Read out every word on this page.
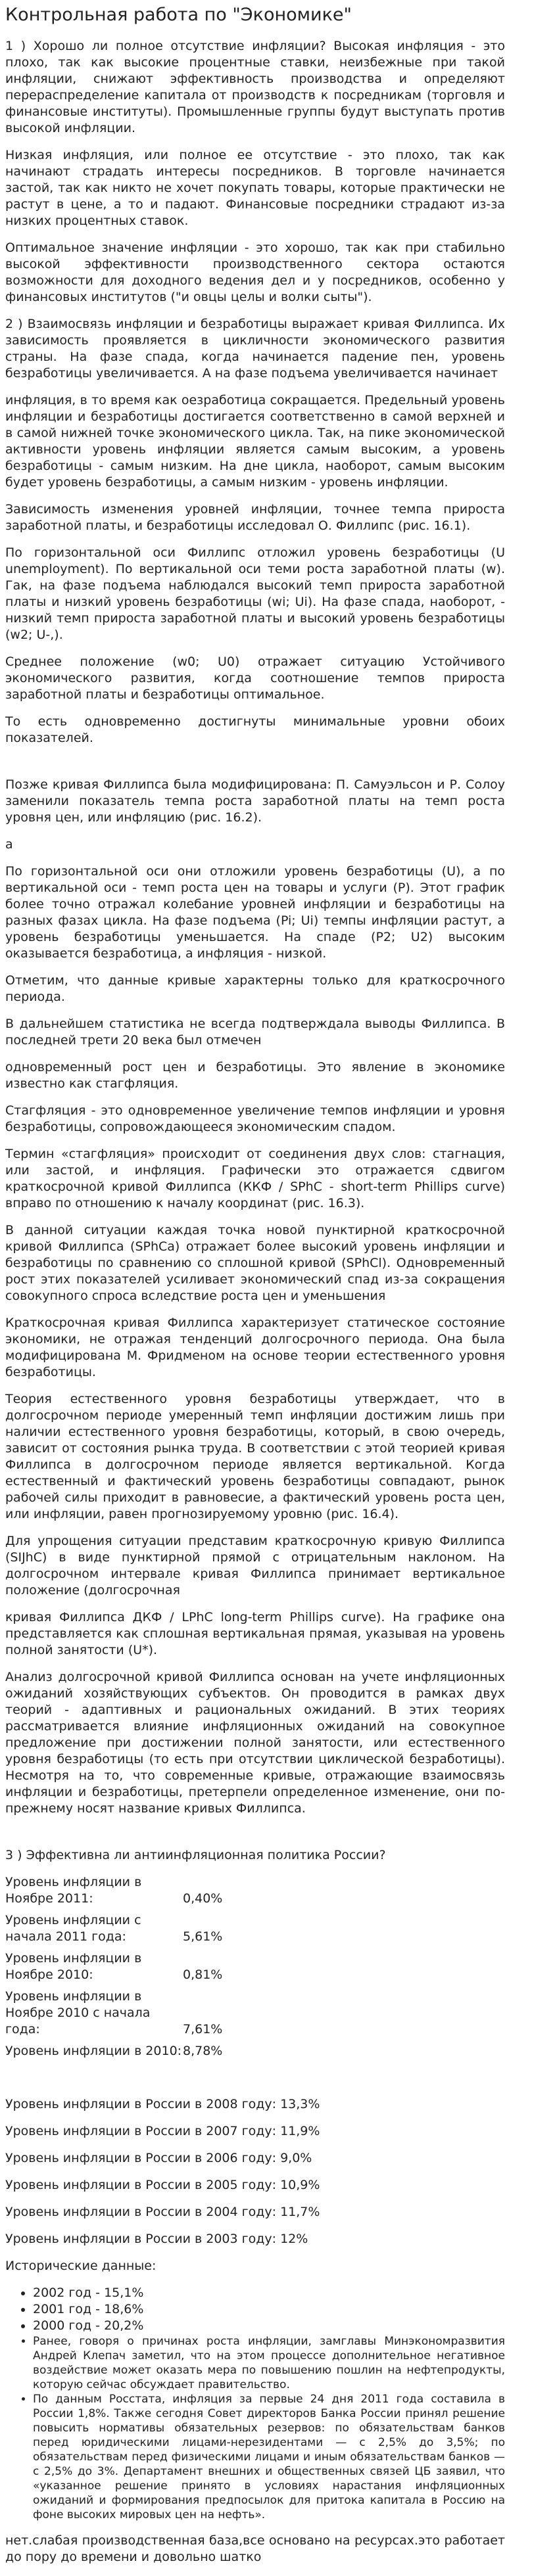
Контрольная работа по "Экономике"
1 ) Хорошо ли полное отсутствие инфляции? Высокая инфляция - это плохо, так как высокие процентные ставки, неизбежные при такой инфляции, снижают эффективность производства и определяют перераспределение капитала от производств к посредникам (торговля и финансовые институты). Промышленные группы будут выступать против высокой инфляции.
Низкая инфляция, или полное ее отсутствие - это плохо, так как начинают страдать интересы посредников. В торговле начинается застой, так как никто не хочет покупать товары, которые практически не растут в цене, а то и падают. Финансовые посредники страдают из-за низких процентных ставок.
Оптимальное значение инфляции - это хорошо, так как при стабильно высокой эффективности производственного сектора остаются возможности для доходного ведения дел и у посредников, особенно у финансовых институтов ("и овцы целы и волки сыты").
2 ) Взаимосвязь инфляции и безработицы выражает кривая Филлипса. Их зависимость проявляется в цикличности экономического развития страны. На фазе спада, когда начинается падение пен, уровень безработицы увеличивается. А на фазе подъема увеличивается начинает
инфляция, в то время как оезработица сокращается. Предельный уровень инфляции и безработицы достигается соответственно в самой верхней и в самой нижней точке экономического цикла. Так, на пике экономической активности уровень инфляции является самым высоким, а уровень безработицы - самым низким. На дне цикла, наоборот, самым высоким будет уровень безработицы, а самым низким - уровень инфляции.
Зависимость изменения уровней инфляции, точнее темпа прироста заработной платы, и безработицы исследовал О. Филлипс (рис. 16.1).
По горизонтальной оси Филлипс отложил уровень безработицы (U unemployment). По вертикальной оси теми роста заработной платы (w). Гак, на фазе подъема наблюдался высокий темп прироста заработной платы и низкий уровень безработицы (wi; Ui). На фазе спада, наоборот, - низкий темп прироста заработной платы и высокий уровень безработицы (w2; U-,).
Среднее положение (w0; U0) отражает ситуацию Устойчивого экономического развития, когда соотношение темпов прироста заработной платы и безработицы оптимальное.
То есть одновременно достигнуты минимальные уровни обоих показателей.
Позже кривая Филлипса была модифицирована: П. Самуэльсон и Р. Солоу заменили показатель темпа роста заработной платы на темп роста уровня цен, или инфляцию (рис. 16.2).
а
По горизонтальной оси они отложили уровень безработицы (U), а по вертикальной оси - темп роста цен на товары и услуги (Р). Этот график более точно отражал колебание уровней инфляции и безработицы на разных фазах цикла. На фазе подъема (Pi; Ui) темпы инфляции растут, а уровень безработицы уменьшается. На спаде (P2; U2) высоким оказывается безработица, а инфляция - низкой.
Отметим, что данные кривые характерны только для краткосрочного периода.
В дальнейшем статистика не всегда подтверждала выводы Филлипса. В последней трети 20 века был отмечен
одновременный рост цен и безработицы. Это явление в экономике известно как стагфляция.
Стагфляция - это одновременное увеличение темпов инфляции и уровня безработицы, сопровождающееся экономическим спадом.
Термин «стагфляция» происходит от соединения двух слов: стагнация, или застой, и инфляция. Графически это отражается сдвигом краткосрочной кривой Филлипса (ККФ / SPhC - short-term Phillips curve) вправо по отношению к началу координат (рис. 16.3).
В данной ситуации каждая точка новой пунктирной краткосрочной кривой Филлипса (SPhCa) отражает более высокий уровень инфляции и безработицы по сравнению со сплошной кривой (SPhCl). Одновременный рост этих показателей усиливает экономический спад из-за сокращения совокупного спроса вследствие роста цен и уменьшения
Краткосрочная кривая Филлипса характеризует статическое состояние экономики, не отражая тенденций долгосрочного периода. Она была модифицирована М. Фридменом на основе теории естественного уровня безработицы.
Теория естественного уровня безработицы утверждает, что в долгосрочном периоде умеренный темп инфляции достижим лишь при наличии естественного уровня безработицы, который, в свою очередь, зависит от состояния рынка труда. В соответствии с этой теорией кривая Филлипса в долгосрочном периоде является вертикальной. Когда естественный и фактический уровень безработицы совпадают, рынок рабочей силы приходит в равновесие, а фактический уровень роста цен, или инфляции, равен прогнозируемому уровню (рис. 16.4).
Для упрощения ситуации представим краткосрочную кривую Филлипса (SIJhC) в виде пунктирной прямой с отрицательным наклоном. На долгосрочном интервале кривая Филлипса принимает вертикальное положение (долгосрочная
кривая Филлипса ДКФ / LPhC long-term Phillips curve). На графике она представляется как сплошная вертикальная прямая, указывая на уровень полной занятости (U*).
Анализ долгосрочной кривой Филлипса основан на учете инфляционных ожиданий хозяйствующих субъектов. Он проводится в рамках двух теорий - адаптивных и рациональных ожиданий. В этих теориях рассматривается влияние инфляционных ожиданий на совокупное предложение при достижении полной занятости, или естественного уровня безработицы (то есть при отсутствии циклической безработицы). Несмотря на то, что современные кривые, отражающие взаимосвязь инфляции и безработицы, претерпели определенное изменение, они по-прежнему носят название кривых Филлипса.
3 ) Эффективна ли антиинфляционная политика России?
Уровень инфляции в Ноябре 2011:	0,40%
Уровень инфляции с начала 2011 года:	5,61%
Уровень инфляции в Ноябре 2010:	0,81%
Уровень инфляции в Ноябре 2010 с начала года:	7,61%
Уровень инфляции в 2010: 8,78%
Уровень инфляции в России в 2008 году: 13,3%
Уровень инфляции в России в 2007 году: 11,9%
Уровень инфляции в России в 2006 году: 9,0%
Уровень инфляции в России в 2005 году: 10,9%
Уровень инфляции в России в 2004 году: 11,7%
Уровень инфляции в России в 2003 году: 12%
Исторические данные:
• 2002 год - 15,1%
• 2001 год - 18,6%
• 2000 год - 20,2%
• Ранее, говоря о причинах роста инфляции, замглавы Минэкономразвития Андрей Клепач заметил, что на этом процессе дополнительное негативное воздействие может оказать мера по повышению пошлин на нефтепродукты, которую сейчас обсуждает правительство.
• По данным Росстата, инфляция за первые 24 дня 2011 года составила в России 1,8%. Также сегодня Совет директоров Банка России принял решение повысить нормативы обязательных резервов: по обязательствам банков перед юридическими лицами-нерезидентами — с 2,5% до 3,5%; по обязательствам перед физическими лицами и иным обязательствам банков — с 2,5% до 3%. Департамент внешних и общественных связей ЦБ заявил, что «указанное решение принято в условиях нарастания инфляционных ожиданий и формирования предпосылок для притока капитала в Россию на фоне высоких мировых цен на нефть».
нет.слабая производственная база,все основано на ресурсах.это работает до пору до времени и довольно шатко
